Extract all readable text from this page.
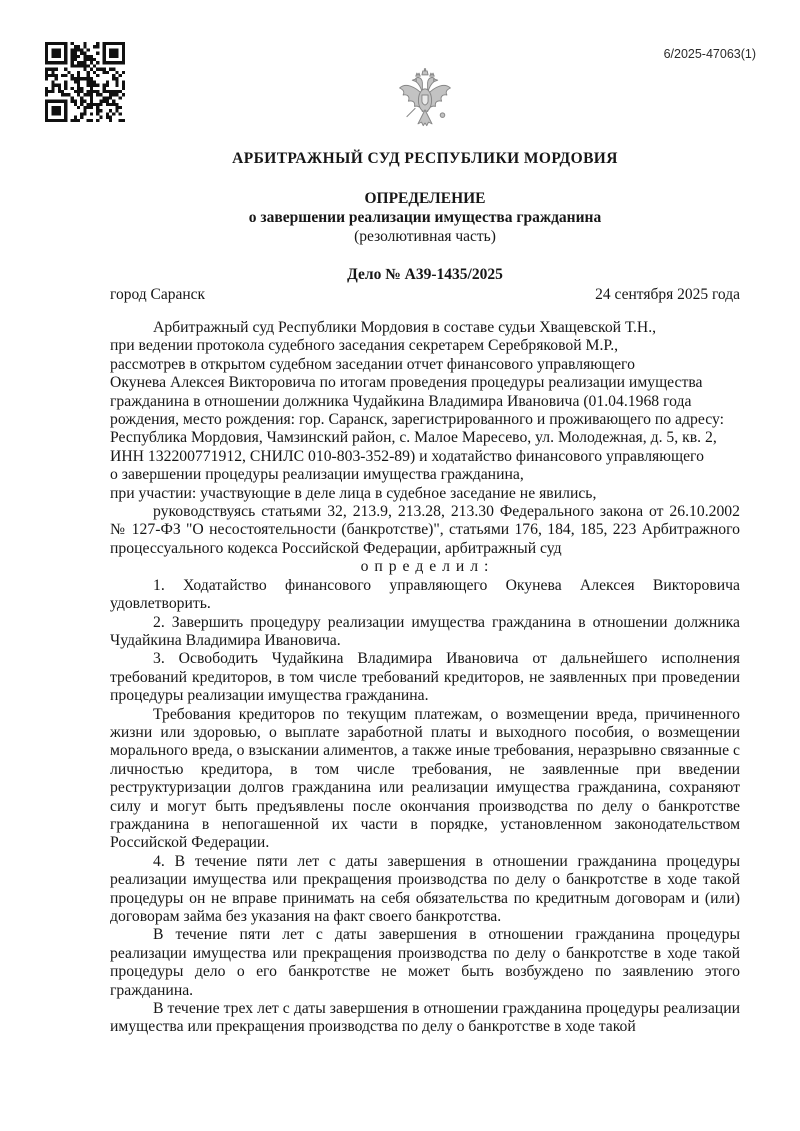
6/2025-47063(1)
АРБИТРАЖНЫЙ СУД РЕСПУБЛИКИ МОРДОВИЯ
ОПРЕДЕЛЕНИЕ
о завершении реализации имущества гражданина
(резолютивная часть)
Дело № А39-1435/2025
город Саранск	24 сентября 2025 года
Арбитражный суд Республики Мордовия в составе судьи Хващевской Т.Н.,
при ведении протокола судебного заседания секретарем Серебряковой М.Р.,
рассмотрев в открытом судебном заседании отчет финансового управляющего
Окунева Алексея Викторовича по итогам проведения процедуры реализации имущества
гражданина в отношении должника Чудайкина Владимира Ивановича (01.04.1968 года
рождения, место рождения: гор. Саранск, зарегистрированного и проживающего по адресу:
Республика Мордовия, Чамзинский район, с. Малое Маресево, ул. Молодежная, д. 5, кв. 2,
ИНН 132200771912, СНИЛС 010-803-352-89) и ходатайство финансового управляющего
о завершении процедуры реализации имущества гражданина,
при участии: участвующие в деле лица в судебное заседание не явились,

руководствуясь статьями 32, 213.9, 213.28, 213.30 Федерального закона от 26.10.2002 № 127-ФЗ "О несостоятельности (банкротстве)", статьями 176, 184, 185, 223 Арбитражного процессуального кодекса Российской Федерации, арбитражный суд

о п р е д е л и л :

1. Ходатайство финансового управляющего Окунева Алексея Викторовича удовлетворить.

2. Завершить процедуру реализации имущества гражданина в отношении должника Чудайкина Владимира Ивановича.

3. Освободить Чудайкина Владимира Ивановича от дальнейшего исполнения требований кредиторов, в том числе требований кредиторов, не заявленных при проведении процедуры реализации имущества гражданина.

Требования кредиторов по текущим платежам, о возмещении вреда, причиненного жизни или здоровью, о выплате заработной платы и выходного пособия, о возмещении морального вреда, о взыскании алиментов, а также иные требования, неразрывно связанные с личностью кредитора, в том числе требования, не заявленные при введении реструктуризации долгов гражданина или реализации имущества гражданина, сохраняют силу и могут быть предъявлены после окончания производства по делу о банкротстве гражданина в непогашенной их части в порядке, установленном законодательством Российской Федерации.

4. В течение пяти лет с даты завершения в отношении гражданина процедуры реализации имущества или прекращения производства по делу о банкротстве в ходе такой процедуры он не вправе принимать на себя обязательства по кредитным договорам и (или) договорам займа без указания на факт своего банкротства.

В течение пяти лет с даты завершения в отношении гражданина процедуры реализации имущества или прекращения производства по делу о банкротстве в ходе такой процедуры дело о его банкротстве не может быть возбуждено по заявлению этого гражданина.

В течение трех лет с даты завершения в отношении гражданина процедуры реализации имущества или прекращения производства по делу о банкротстве в ходе такой
